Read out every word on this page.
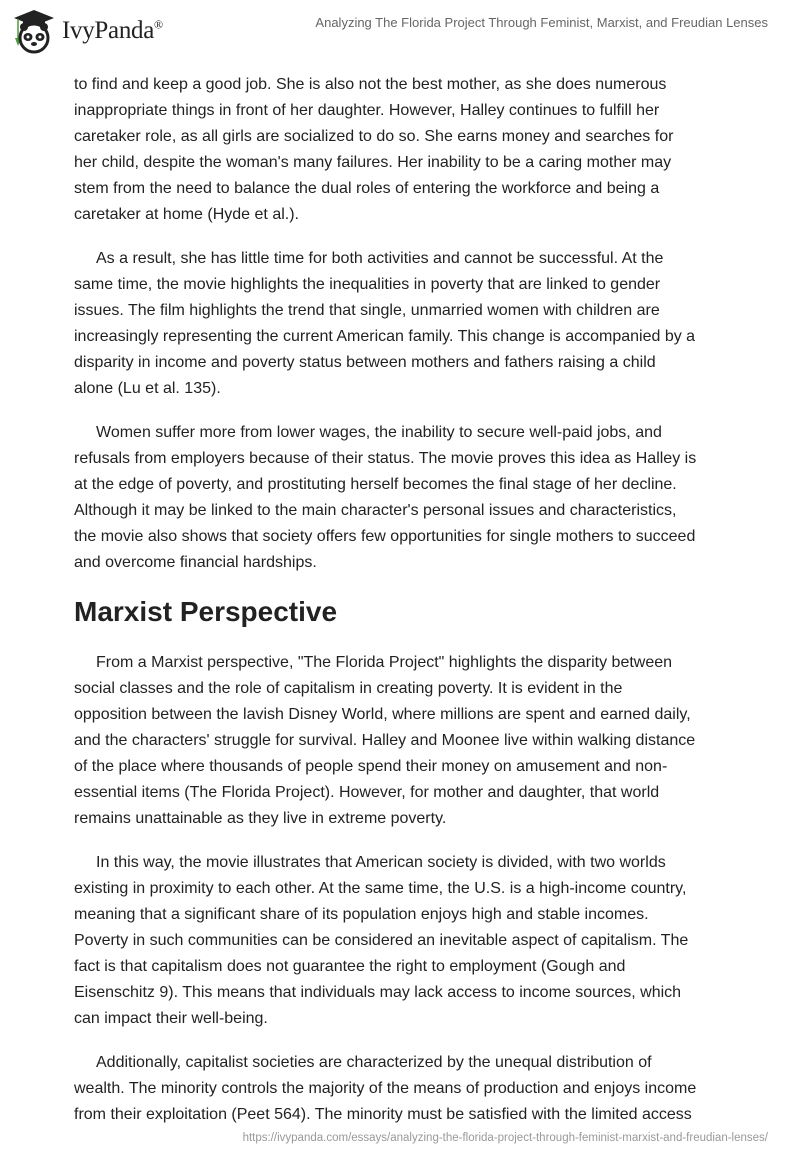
IvyPanda®	Analyzing The Florida Project Through Feminist, Marxist, and Freudian Lenses

to find and keep a good job. She is also not the best mother, as she does numerous
inappropriate things in front of her daughter. However, Halley continues to fulfill her
caretaker role, as all girls are socialized to do so. She earns money and searches for
her child, despite the woman's many failures. Her inability to be a caring mother may
stem from the need to balance the dual roles of entering the workforce and being a
caretaker at home (Hyde et al.).

As a result, she has little time for both activities and cannot be successful. At the
same time, the movie highlights the inequalities in poverty that are linked to gender
issues. The film highlights the trend that single, unmarried women with children are
increasingly representing the current American family. This change is accompanied by a
disparity in income and poverty status between mothers and fathers raising a child
alone (Lu et al. 135).

Women suffer more from lower wages, the inability to secure well-paid jobs, and
refusals from employers because of their status. The movie proves this idea as Halley is
at the edge of poverty, and prostituting herself becomes the final stage of her decline.
Although it may be linked to the main character's personal issues and characteristics,
the movie also shows that society offers few opportunities for single mothers to succeed
and overcome financial hardships.

Marxist Perspective

From a Marxist perspective, "The Florida Project" highlights the disparity between
social classes and the role of capitalism in creating poverty. It is evident in the
opposition between the lavish Disney World, where millions are spent and earned daily,
and the characters' struggle for survival. Halley and Moonee live within walking distance
of the place where thousands of people spend their money on amusement and non-
essential items (The Florida Project). However, for mother and daughter, that world
remains unattainable as they live in extreme poverty.

In this way, the movie illustrates that American society is divided, with two worlds
existing in proximity to each other. At the same time, the U.S. is a high-income country,
meaning that a significant share of its population enjoys high and stable incomes.
Poverty in such communities can be considered an inevitable aspect of capitalism. The
fact is that capitalism does not guarantee the right to employment (Gough and
Eisenschitz 9). This means that individuals may lack access to income sources, which
can impact their well-being.

Additionally, capitalist societies are characterized by the unequal distribution of
wealth. The minority controls the majority of the means of production and enjoys income
from their exploitation (Peet 564). The minority must be satisfied with the limited access

https://ivypanda.com/essays/analyzing-the-florida-project-through-feminist-marxist-and-freudian-lenses/
